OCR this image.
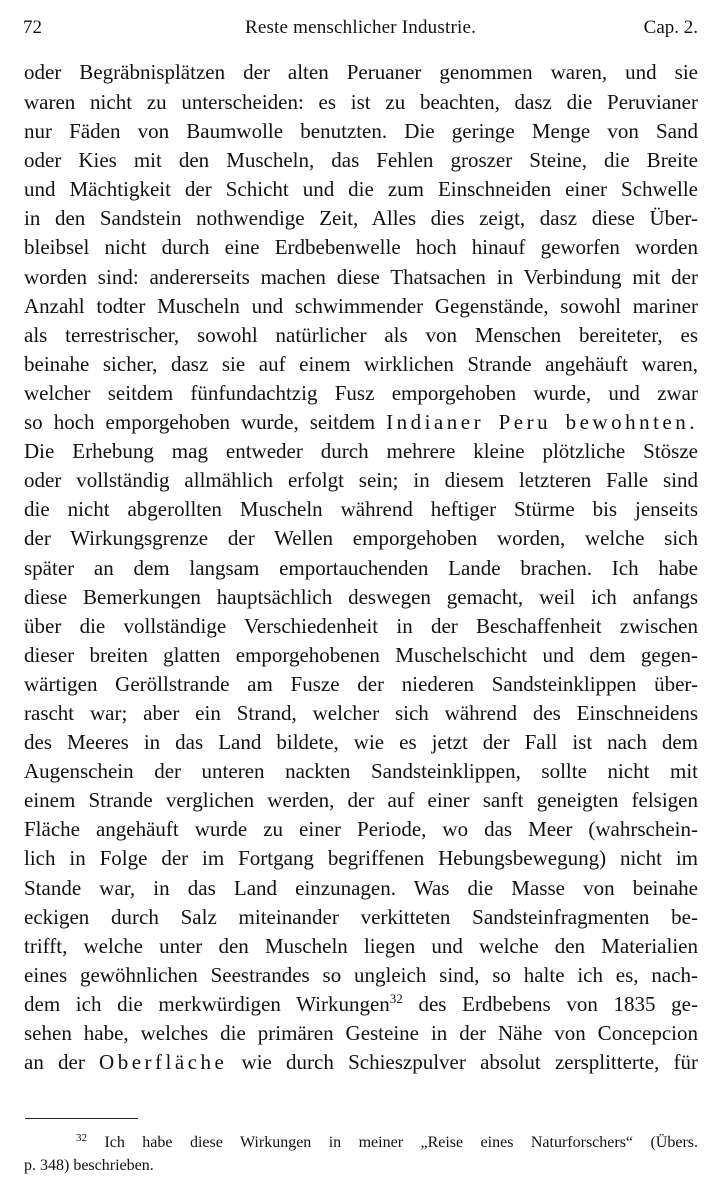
72	Reste menschlicher Industrie.	Cap. 2.
oder Begräbnisplätzen der alten Peruaner genommen waren, und sie
waren nicht zu unterscheiden: es ist zu beachten, dasz die Peruvianer
nur Fäden von Baumwolle benutzten. Die geringe Menge von Sand
oder Kies mit den Muscheln, das Fehlen groszer Steine, die Breite
und Mächtigkeit der Schicht und die zum Einschneiden einer Schwelle
in den Sandstein nothwendige Zeit, Alles dies zeigt, dasz diese Über-
bleibsel nicht durch eine Erdbebenwelle hoch hinauf geworfen worden
worden sind: andererseits machen diese Thatsachen in Verbindung mit der
Anzahl todter Muscheln und schwimmender Gegenstände, sowohl mariner
als terrestrischer, sowohl natürlicher als von Menschen bereiteter, es
beinahe sicher, dasz sie auf einem wirklichen Strande angehäuft waren,
welcher seitdem fünfundachtzig Fusz emporgehoben wurde, und zwar
so hoch emporgehoben wurde, seitdem Indianer Peru bewohnten.
Die Erhebung mag entweder durch mehrere kleine plötzliche Stösze
oder vollständig allmählich erfolgt sein; in diesem letzteren Falle sind
die nicht abgerollten Muscheln während heftiger Stürme bis jenseits
der Wirkungsgrenze der Wellen emporgehoben worden, welche sich
später an dem langsam emportauchenden Lande brachen. Ich habe
diese Bemerkungen hauptsächlich deswegen gemacht, weil ich anfangs
über die vollständige Verschiedenheit in der Beschaffenheit zwischen
dieser breiten glatten emporgehobenen Muschelschicht und dem gegen-
wärtigen Geröllstrande am Fusze der niederen Sandsteinklippen über-
rascht war; aber ein Strand, welcher sich während des Einschneidens
des Meeres in das Land bildete, wie es jetzt der Fall ist nach dem
Augenschein der unteren nackten Sandsteinklippen, sollte nicht mit
einem Strande verglichen werden, der auf einer sanft geneigten felsigen
Fläche angehäuft wurde zu einer Periode, wo das Meer (wahrschein-
lich in Folge der im Fortgang begriffenen Hebungsbewegung) nicht im
Stande war, in das Land einzunagen. Was die Masse von beinahe
eckigen durch Salz miteinander verkitteten Sandsteinfragmenten be-
trifft, welche unter den Muscheln liegen und welche den Materialien
eines gewöhnlichen Seestrandes so ungleich sind, so halte ich es, nach-
dem ich die merkwürdigen Wirkungen$^{32}$ des Erdbebens von 1835 ge-
sehen habe, welches die primären Gesteine in der Nähe von Concepcion
an der Oberfläche wie durch Schieszpulver absolut zersplitterte, für
$^{32}$ Ich habe diese Wirkungen in meiner „Reise eines Naturforschers“ (Übers.
p. 348) beschrieben.
